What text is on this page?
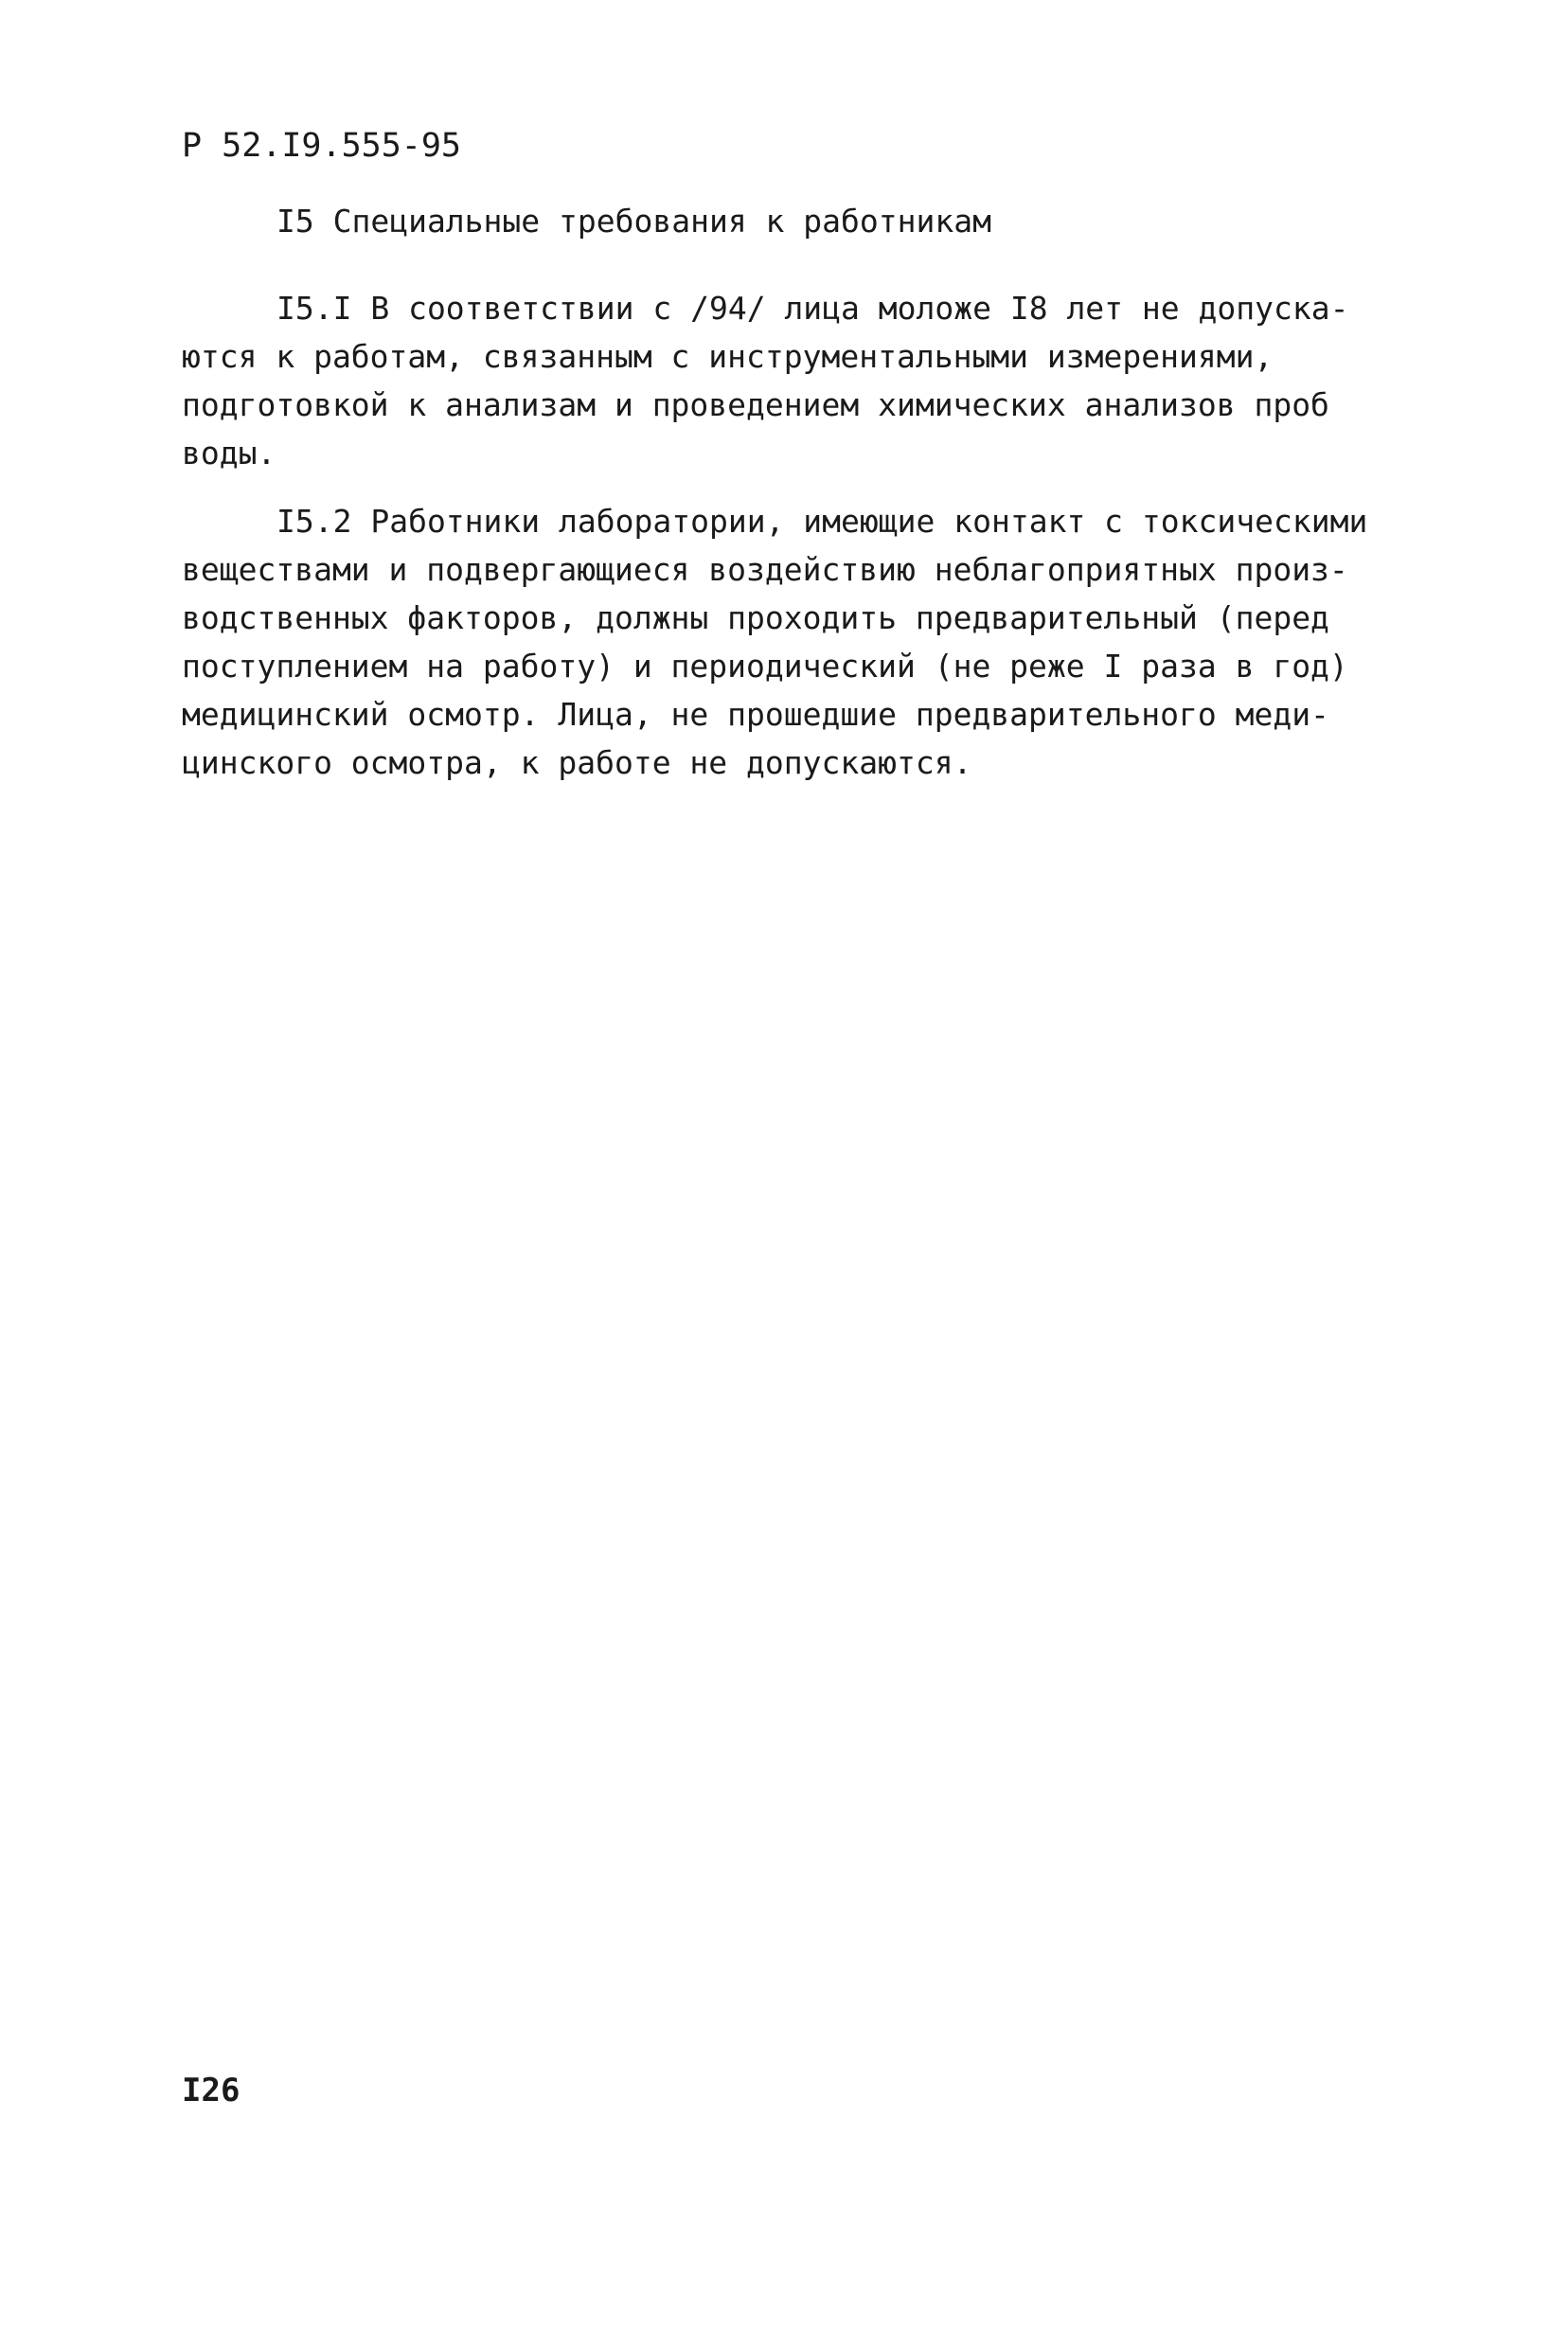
Р 52.I9.555-95
I5 Специальные требования к работникам

I5.I В соответствии с /94/ лица моложе I8 лет не допуска-
ются к работам, связанным с инструментальными измерениями,
подготовкой к анализам и проведением химических анализов проб
воды.

I5.2 Работники лаборатории, имеющие контакт с токсическими
веществами и подвергающиеся воздействию неблагоприятных произ-
водственных факторов, должны проходить предварительный (перед
поступлением на работу) и периодический (не реже I раза в год)
медицинский осмотр. Лица, не прошедшие предварительного меди-
цинского осмотра, к работе не допускаются.

I26
